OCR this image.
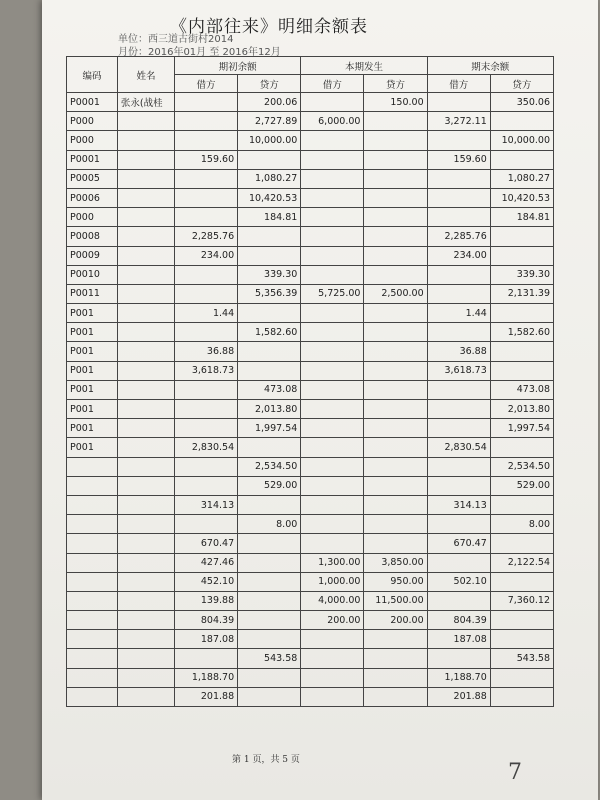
《内部往来》明细余额表
单位：西三道古街村2014
月份：2016年01月 至 2016年12月
编码	姓名	期初余额		本期发生		期末余额	
		借方	贷方	借方	贷方	借方	贷方
P0001	张永(战桂		200.06		150.00		350.06
P000			2,727.89	6,000.00		3,272.11	
P000			10,000.00				10,000.00
P0001		159.60				159.60	
P0005			1,080.27				1,080.27
P0006			10,420.53				10,420.53
P000			184.81				184.81
P0008		2,285.76				2,285.76	
P0009		234.00				234.00	
P0010			339.30				339.30
P0011			5,356.39	5,725.00	2,500.00		2,131.39
P001		1.44				1.44	
P001			1,582.60				1,582.60
P001		36.88				36.88	
P001		3,618.73				3,618.73	
P001			473.08				473.08
P001			2,013.80				2,013.80
P001			1,997.54				1,997.54
P001		2,830.54				2,830.54	
			2,534.50				2,534.50
			529.00				529.00
		314.13				314.13	
			8.00				8.00
		670.47				670.47	
		427.46		1,300.00	3,850.00		2,122.54
		452.10		1,000.00	950.00	502.10	
		139.88		4,000.00	11,500.00		7,360.12
		804.39		200.00	200.00	804.39	
		187.08				187.08	
			543.58				543.58
		1,188.70				1,188.70	
		201.88				201.88	
第 1 页，共 5 页	7
